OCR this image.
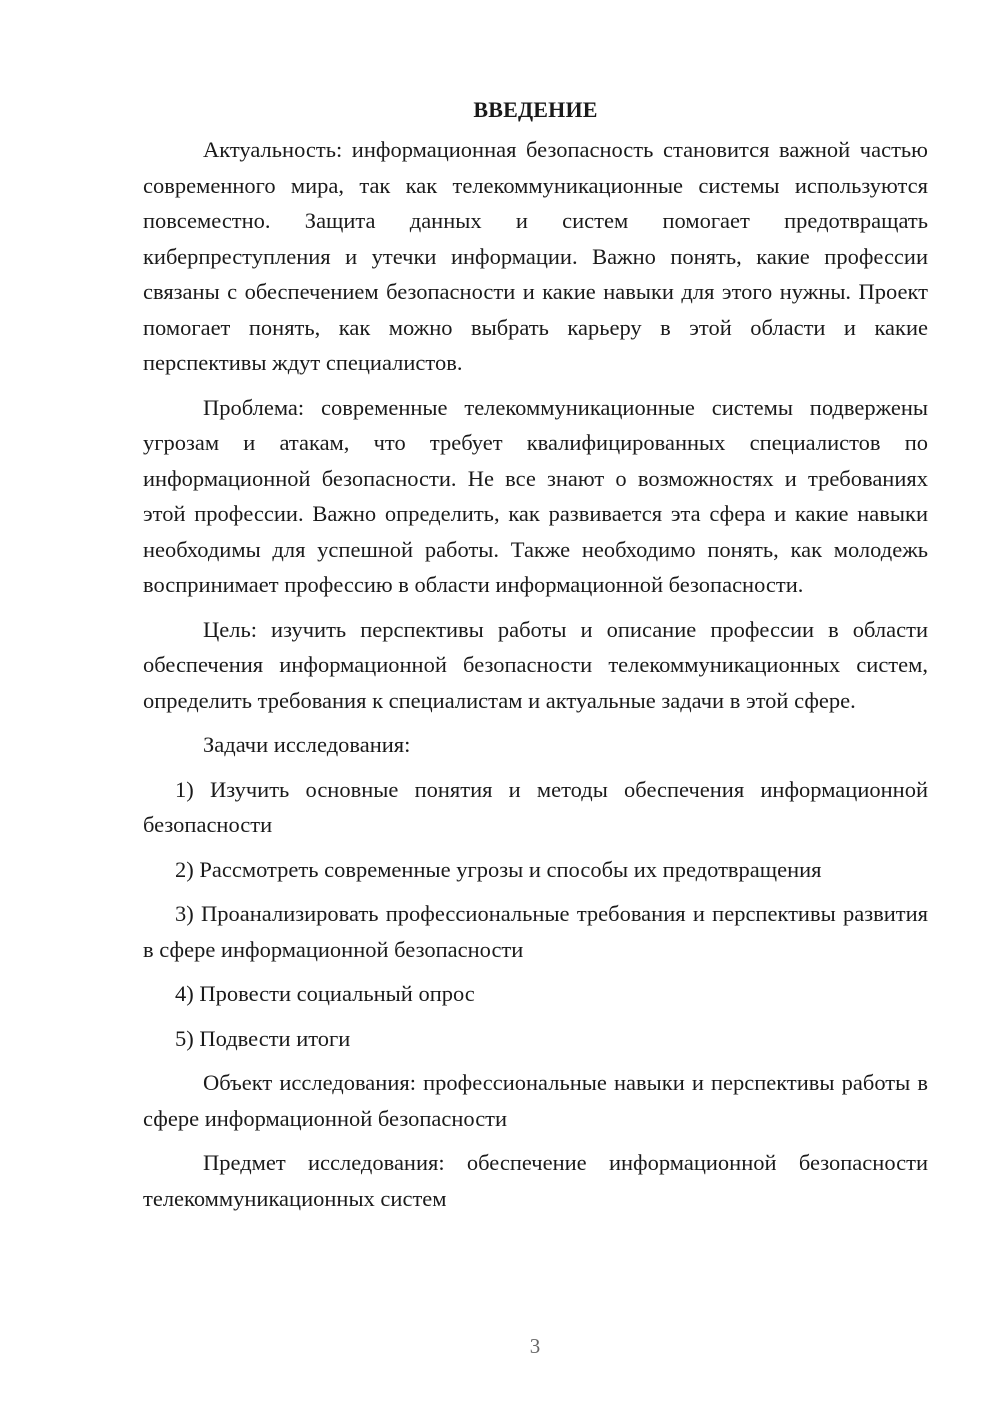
ВВЕДЕНИЕ

Актуальность: информационная безопасность становится важной частью современного мира, так как телекоммуникационные системы используются повсеместно. Защита данных и систем помогает предотвращать киберпреступления и утечки информации. Важно понять, какие профессии связаны с обеспечением безопасности и какие навыки для этого нужны. Проект помогает понять, как можно выбрать карьеру в этой области и какие перспективы ждут специалистов.

Проблема: современные телекоммуникационные системы подвержены угрозам и атакам, что требует квалифицированных специалистов по информационной безопасности. Не все знают о возможностях и требованиях этой профессии. Важно определить, как развивается эта сфера и какие навыки необходимы для успешной работы. Также необходимо понять, как молодежь воспринимает профессию в области информационной безопасности.

Цель: изучить перспективы работы и описание профессии в области обеспечения информационной безопасности телекоммуникационных систем, определить требования к специалистам и актуальные задачи в этой сфере.

Задачи исследования:

1) Изучить основные понятия и методы обеспечения информационной безопасности

2) Рассмотреть современные угрозы и способы их предотвращения

3) Проанализировать профессиональные требования и перспективы развития в сфере информационной безопасности

4) Провести социальный опрос

5) Подвести итоги

Объект исследования: профессиональные навыки и перспективы работы в сфере информационной безопасности

Предмет исследования: обеспечение информационной безопасности телекоммуникационных систем

3
